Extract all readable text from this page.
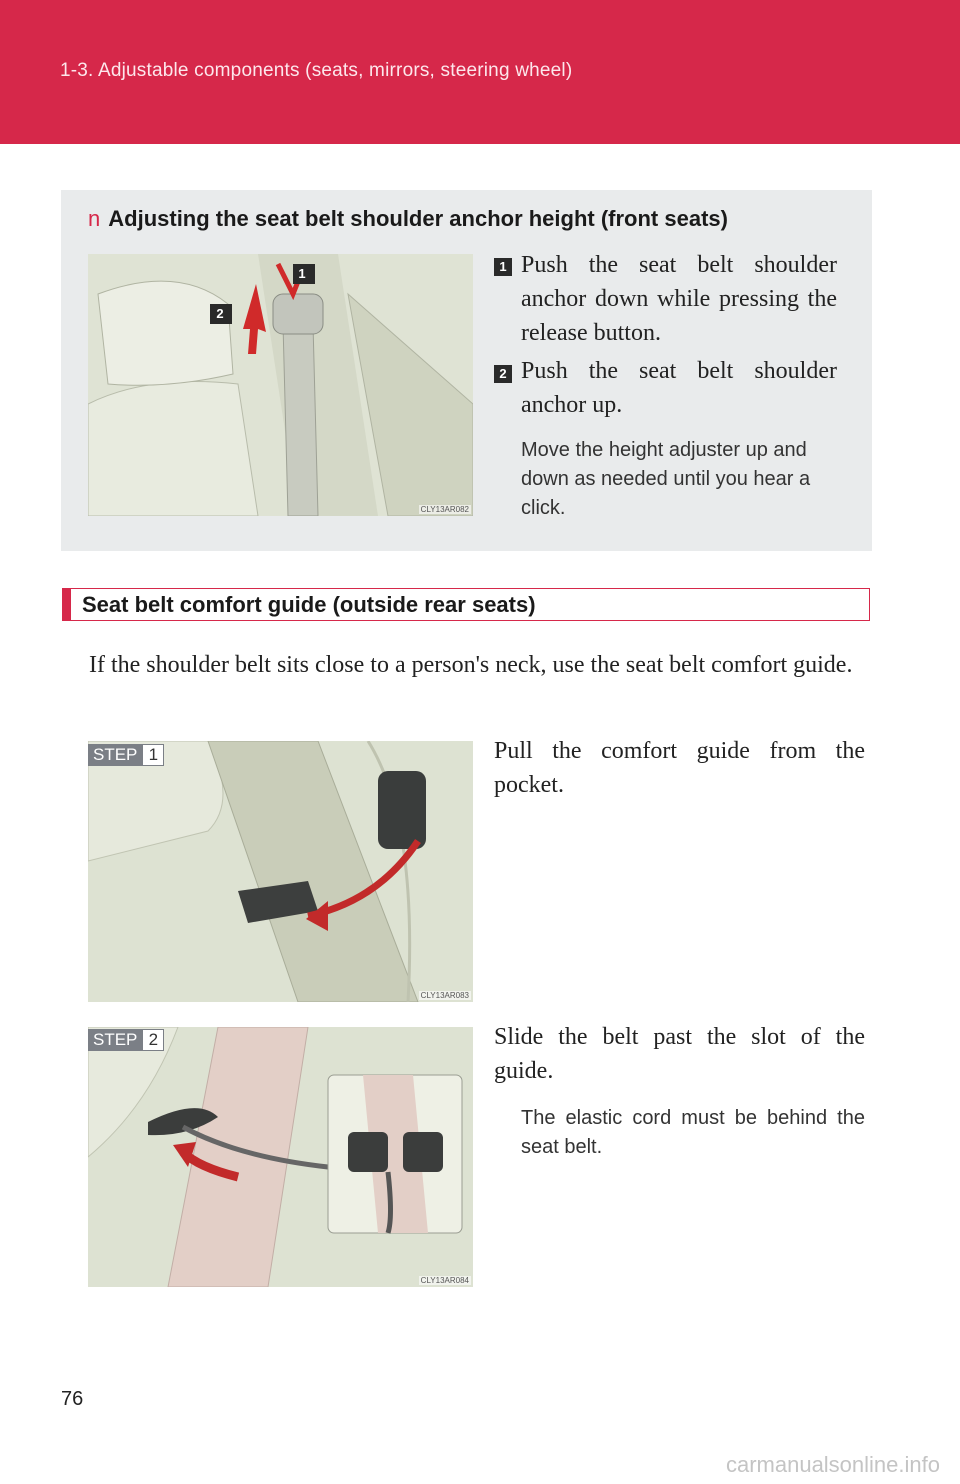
1-3. Adjustable components (seats, mirrors, steering wheel)
n Adjusting the seat belt shoulder anchor height (front seats)
1
2
CLY13AR082
1 Push the seat belt shoulder anchor down while pressing the release button.
2 Push the seat belt shoulder anchor up.
Move the height adjuster up and down as needed until you hear a click.
Seat belt comfort guide (outside rear seats)
If the shoulder belt sits close to a person's neck, use the seat belt comfort guide.
CLY13AR083
STEP 1	Pull the comfort guide from the pocket.
CLY13AR084
STEP 2	Slide the belt past the slot of the guide.
The elastic cord must be behind the seat belt.
76
carmanualsonline.info
